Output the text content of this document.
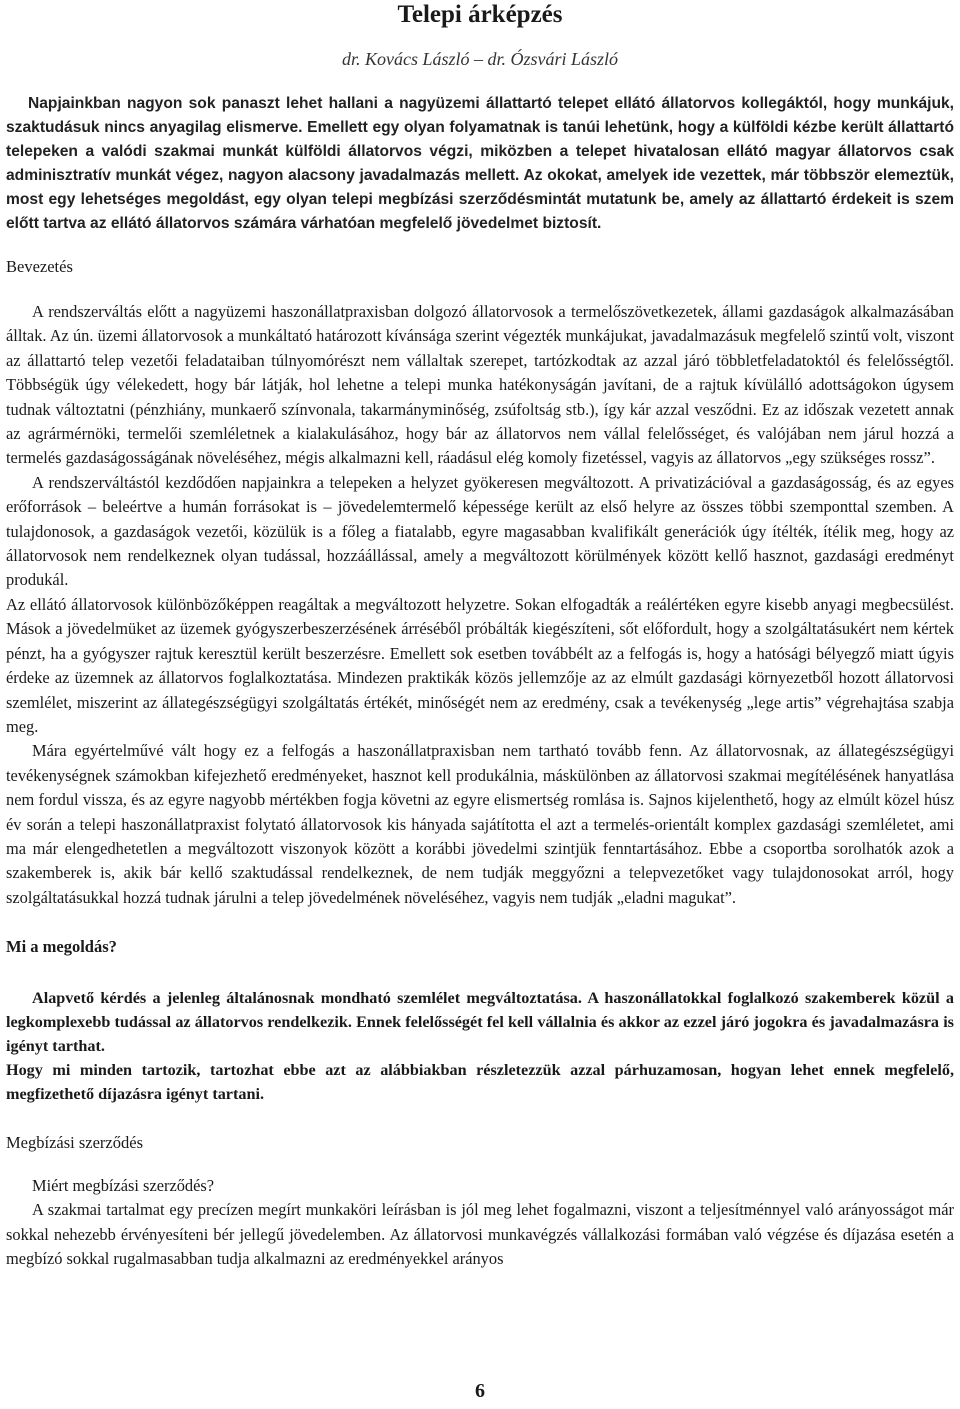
Telepi árképzés
dr. Kovács László – dr. Ózsvári László
Napjainkban nagyon sok panaszt lehet hallani a nagyüzemi állattartó telepet ellátó állatorvos kollegáktól, hogy munkájuk, szaktudásuk nincs anyagilag elismerve. Emellett egy olyan folyamatnak is tanúi lehetünk, hogy a külföldi kézbe került állattartó telepeken a valódi szakmai munkát külföldi állatorvos végzi, miközben a telepet hivatalosan ellátó magyar állatorvos csak adminisztratív munkát végez, nagyon alacsony javadalmazás mellett. Az okokat, amelyek ide vezettek, már többször elemeztük, most egy lehetséges megoldást, egy olyan telepi megbízási szerződésmintát mutatunk be, amely az állattartó érdekeit is szem előtt tartva az ellátó állatorvos számára várhatóan megfelelő jövedelmet biztosít.
Bevezetés

A rendszerváltás előtt a nagyüzemi haszonállatpraxisban dolgozó állatorvosok a termelőszövetkezetek, állami gazdaságok alkalmazásában álltak. Az ún. üzemi állatorvosok a munkáltató határozott kívánsága szerint végezték munkájukat, javadalmazásuk megfelelő szintű volt, viszont az állattartó telep vezetői feladataiban túlnyomórészt nem vállaltak szerepet, tartózkodtak az azzal járó többletfeladatoktól és felelősségtől. Többségük úgy vélekedett, hogy bár látják, hol lehetne a telepi munka hatékonyságán javítani, de a rajtuk kívülálló adottságokon úgysem tudnak változtatni (pénzhiány, munkaerő színvonala, takarmányminőség, zsúfoltság stb.), így kár azzal vesződni. Ez az időszak vezetett annak az agrármérnöki, termelői szemléletnek a kialakulásához, hogy bár az állatorvos nem vállal felelősséget, és valójában nem járul hozzá a termelés gazdaságosságának növeléséhez, mégis alkalmazni kell, ráadásul elég komoly fizetéssel, vagyis az állatorvos „egy szükséges rossz”.

A rendszerváltástól kezdődően napjainkra a telepeken a helyzet gyökeresen megváltozott. A privatizációval a gazdaságosság, és az egyes erőforrások – beleértve a humán forrásokat is – jövedelemtermelő képessége került az első helyre az összes többi szemponttal szemben. A tulajdonosok, a gazdaságok vezetői, közülük is a főleg a fiatalabb, egyre magasabban kvalifikált generációk úgy ítélték, ítélik meg, hogy az állatorvosok nem rendelkeznek olyan tudással, hozzáállással, amely a megváltozott körülmények között kellő hasznot, gazdasági eredményt produkál.

Az ellátó állatorvosok különbözőképpen reagáltak a megváltozott helyzetre. Sokan elfogadták a reálértéken egyre kisebb anyagi megbecsülést. Mások a jövedelmüket az üzemek gyógyszerbeszerzésének árréséből próbálták kiegészíteni, sőt előfordult, hogy a szolgáltatásukért nem kértek pénzt, ha a gyógyszer rajtuk keresztül került beszerzésre. Emellett sok esetben továbbélt az a felfogás is, hogy a hatósági bélyegző miatt úgyis érdeke az üzemnek az állatorvos foglalkoztatása. Mindezen praktikák közös jellemzője az az elmúlt gazdasági környezetből hozott állatorvosi szemlélet, miszerint az állategészségügyi szolgáltatás értékét, minőségét nem az eredmény, csak a tevékenység „lege artis” végrehajtása szabja meg.

Mára egyértelművé vált hogy ez a felfogás a haszonállatpraxisban nem tartható tovább fenn. Az állatorvosnak, az állategészségügyi tevékenységnek számokban kifejezhető eredményeket, hasznot kell produkálnia, máskülönben az állatorvosi szakmai megítélésének hanyatlása nem fordul vissza, és az egyre nagyobb mértékben fogja követni az egyre elismertség romlása is. Sajnos kijelenthető, hogy az elmúlt közel húsz év során a telepi haszonállatpraxist folytató állatorvosok kis hányada sajátította el azt a termelés-orientált komplex gazdasági szemléletet, ami ma már elengedhetetlen a megváltozott viszonyok között a korábbi jövedelmi szintjük fenntartásához. Ebbe a csoportba sorolhatók azok a szakemberek is, akik bár kellő szaktudással rendelkeznek, de nem tudják meggyőzni a telepvezetőket vagy tulajdonosokat arról, hogy szolgáltatásukkal hozzá tudnak járulni a telep jövedelmének növeléséhez, vagyis nem tudják „eladni magukat”.

Mi a megoldás?

Alapvető kérdés a jelenleg általánosnak mondható szemlélet megváltoztatása. A haszonállatokkal foglalkozó szakemberek közül a legkomplexebb tudással az állatorvos rendelkezik. Ennek felelősségét fel kell vállalnia és akkor az ezzel járó jogokra és javadalmazásra is igényt tarthat.

Hogy mi minden tartozik, tartozhat ebbe azt az alábbiakban részletezzük azzal párhuzamosan, hogyan lehet ennek megfelelő, megfizethető díjazásra igényt tartani.

Megbízási szerződés
Miért megbízási szerződés?

A szakmai tartalmat egy precízen megírt munkaköri leírásban is jól meg lehet fogalmazni, viszont a teljesítménnyel való arányosságot már sokkal nehezebb érvényesíteni bér jellegű jövedelemben. Az állatorvosi munkavégzés vállalkozási formában való végzése és díjazása esetén a megbízó sokkal rugalmasabban tudja alkalmazni az eredményekkel arányos

6
